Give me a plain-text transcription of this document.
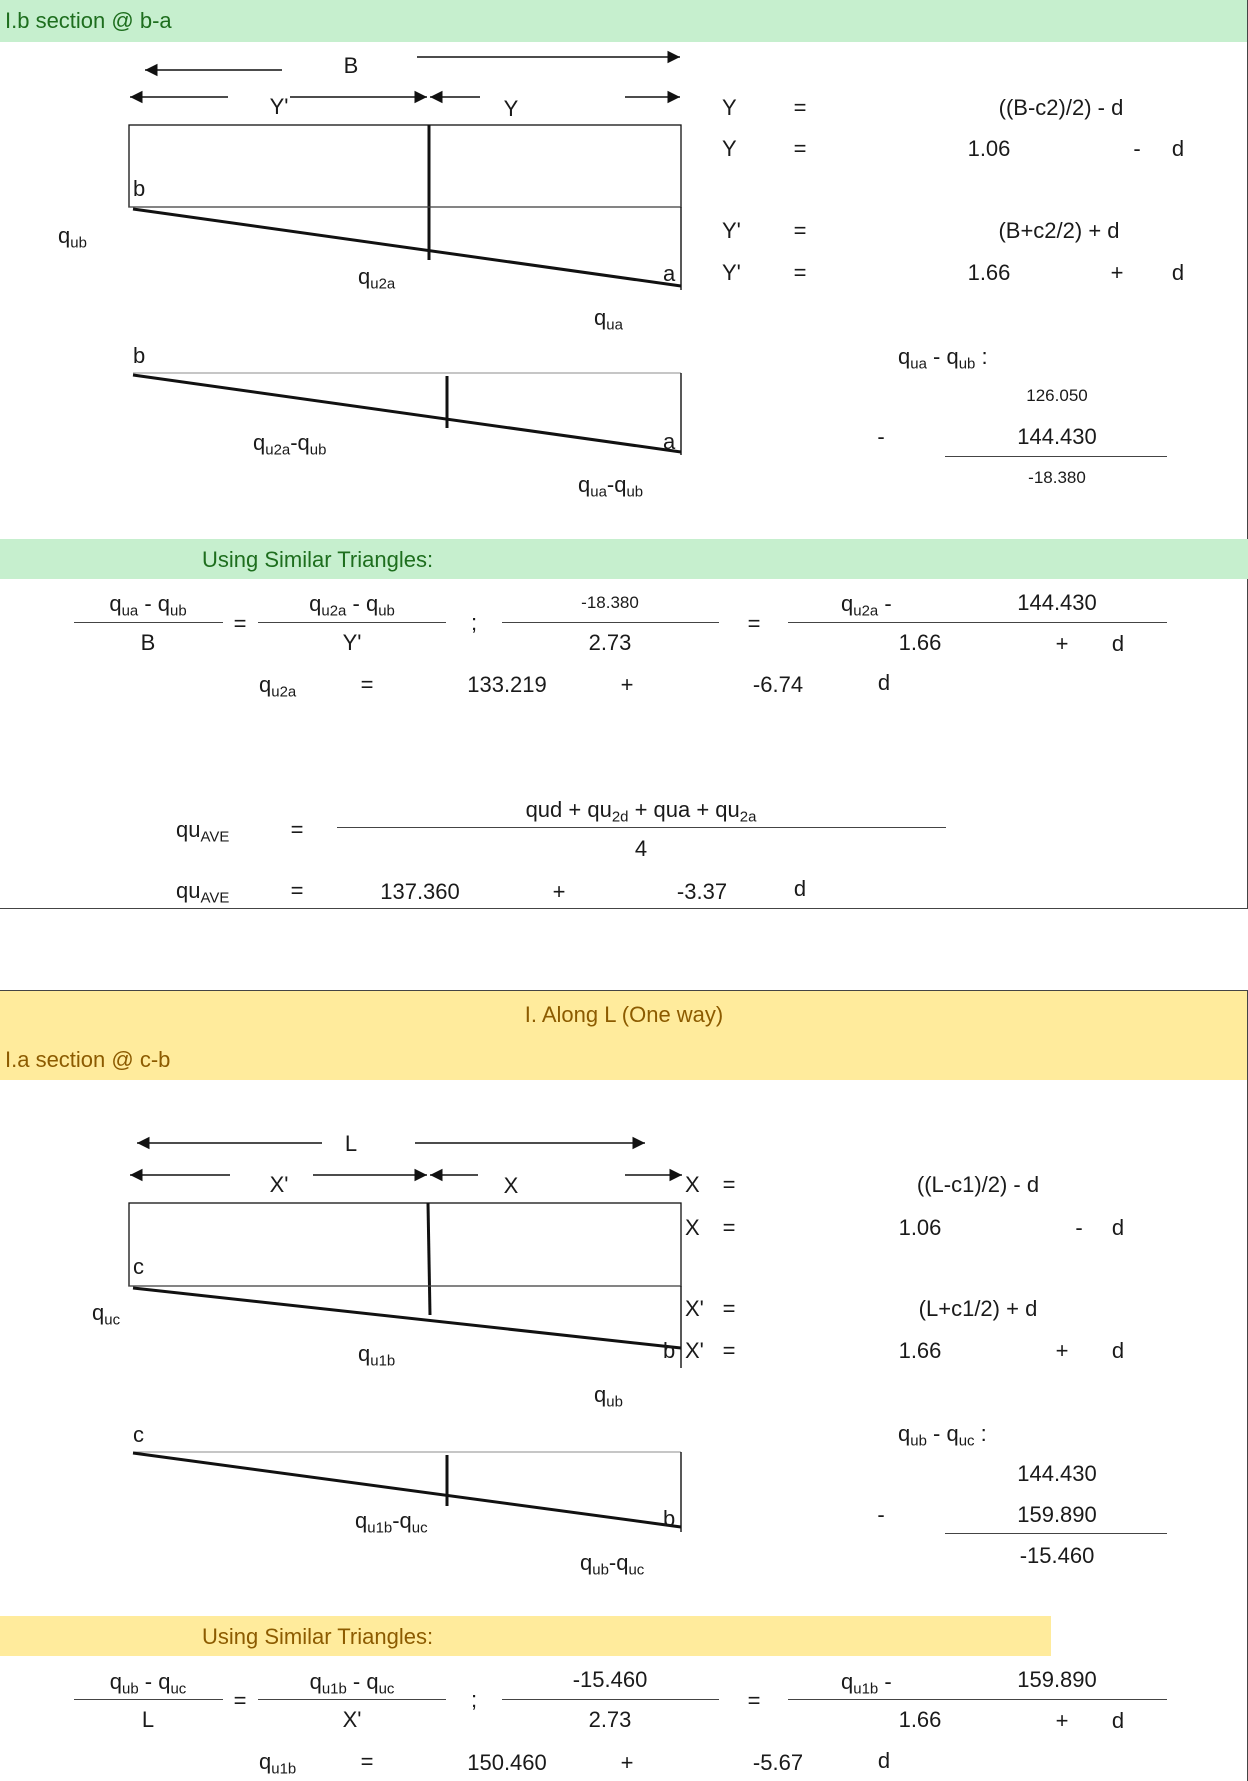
I.b section @ b-a
B
Y'	Y
b
a
$q_{ub}$
$q_{u2a}$
$q_{ua}$
b
a
$q_{u2a}-q_{ub}$
$q_{ua}-q_{ub}$
Y	=	((B-c2)/2) - d
Y	=	1.06	- d
Y' =	(B+c2/2) + d
Y' =	1.66	+ d
$q_{ua} - q_{ub}$ :
126.050
-	144.430
-18.380
Using Similar Triangles:
$q_{ua} - q_{ub}$
B
=
$q_{u2a} - q_{ub}$
Y'
;
-18.380
2.73
=
$q_{u2a}$ -	144.430
1.66	+ d
$q_{u2a}$	=	133.219	+	-6.74	d
$qu_{AVE}$	=
qud + $qu_{2d}$ + qua + $qu_{2a}$
4
$qu_{AVE}$	=	137.360	+	-3.37	d
I. Along L (One way)
I.a section @ c-b
L
X'	X
c
b
$q_{uc}$
$q_{u1b}$
$q_{ub}$
c
b
$q_{u1b}-q_{uc}$
$q_{ub}-q_{uc}$
X =	((L-c1)/2) - d
X =	1.06	- d
X' =	(L+c1/2) + d
X' =	1.66	+ d
$q_{ub} - q_{uc}$ :
144.430
-	159.890
-15.460
Using Similar Triangles:
$q_{ub} - q_{uc}$
L
=
$q_{u1b} - q_{uc}$
X'
;
-15.460
2.73
=
$q_{u1b}$ -	159.890
1.66	+ d
$q_{u1b}$	=	150.460	+	-5.67	d
